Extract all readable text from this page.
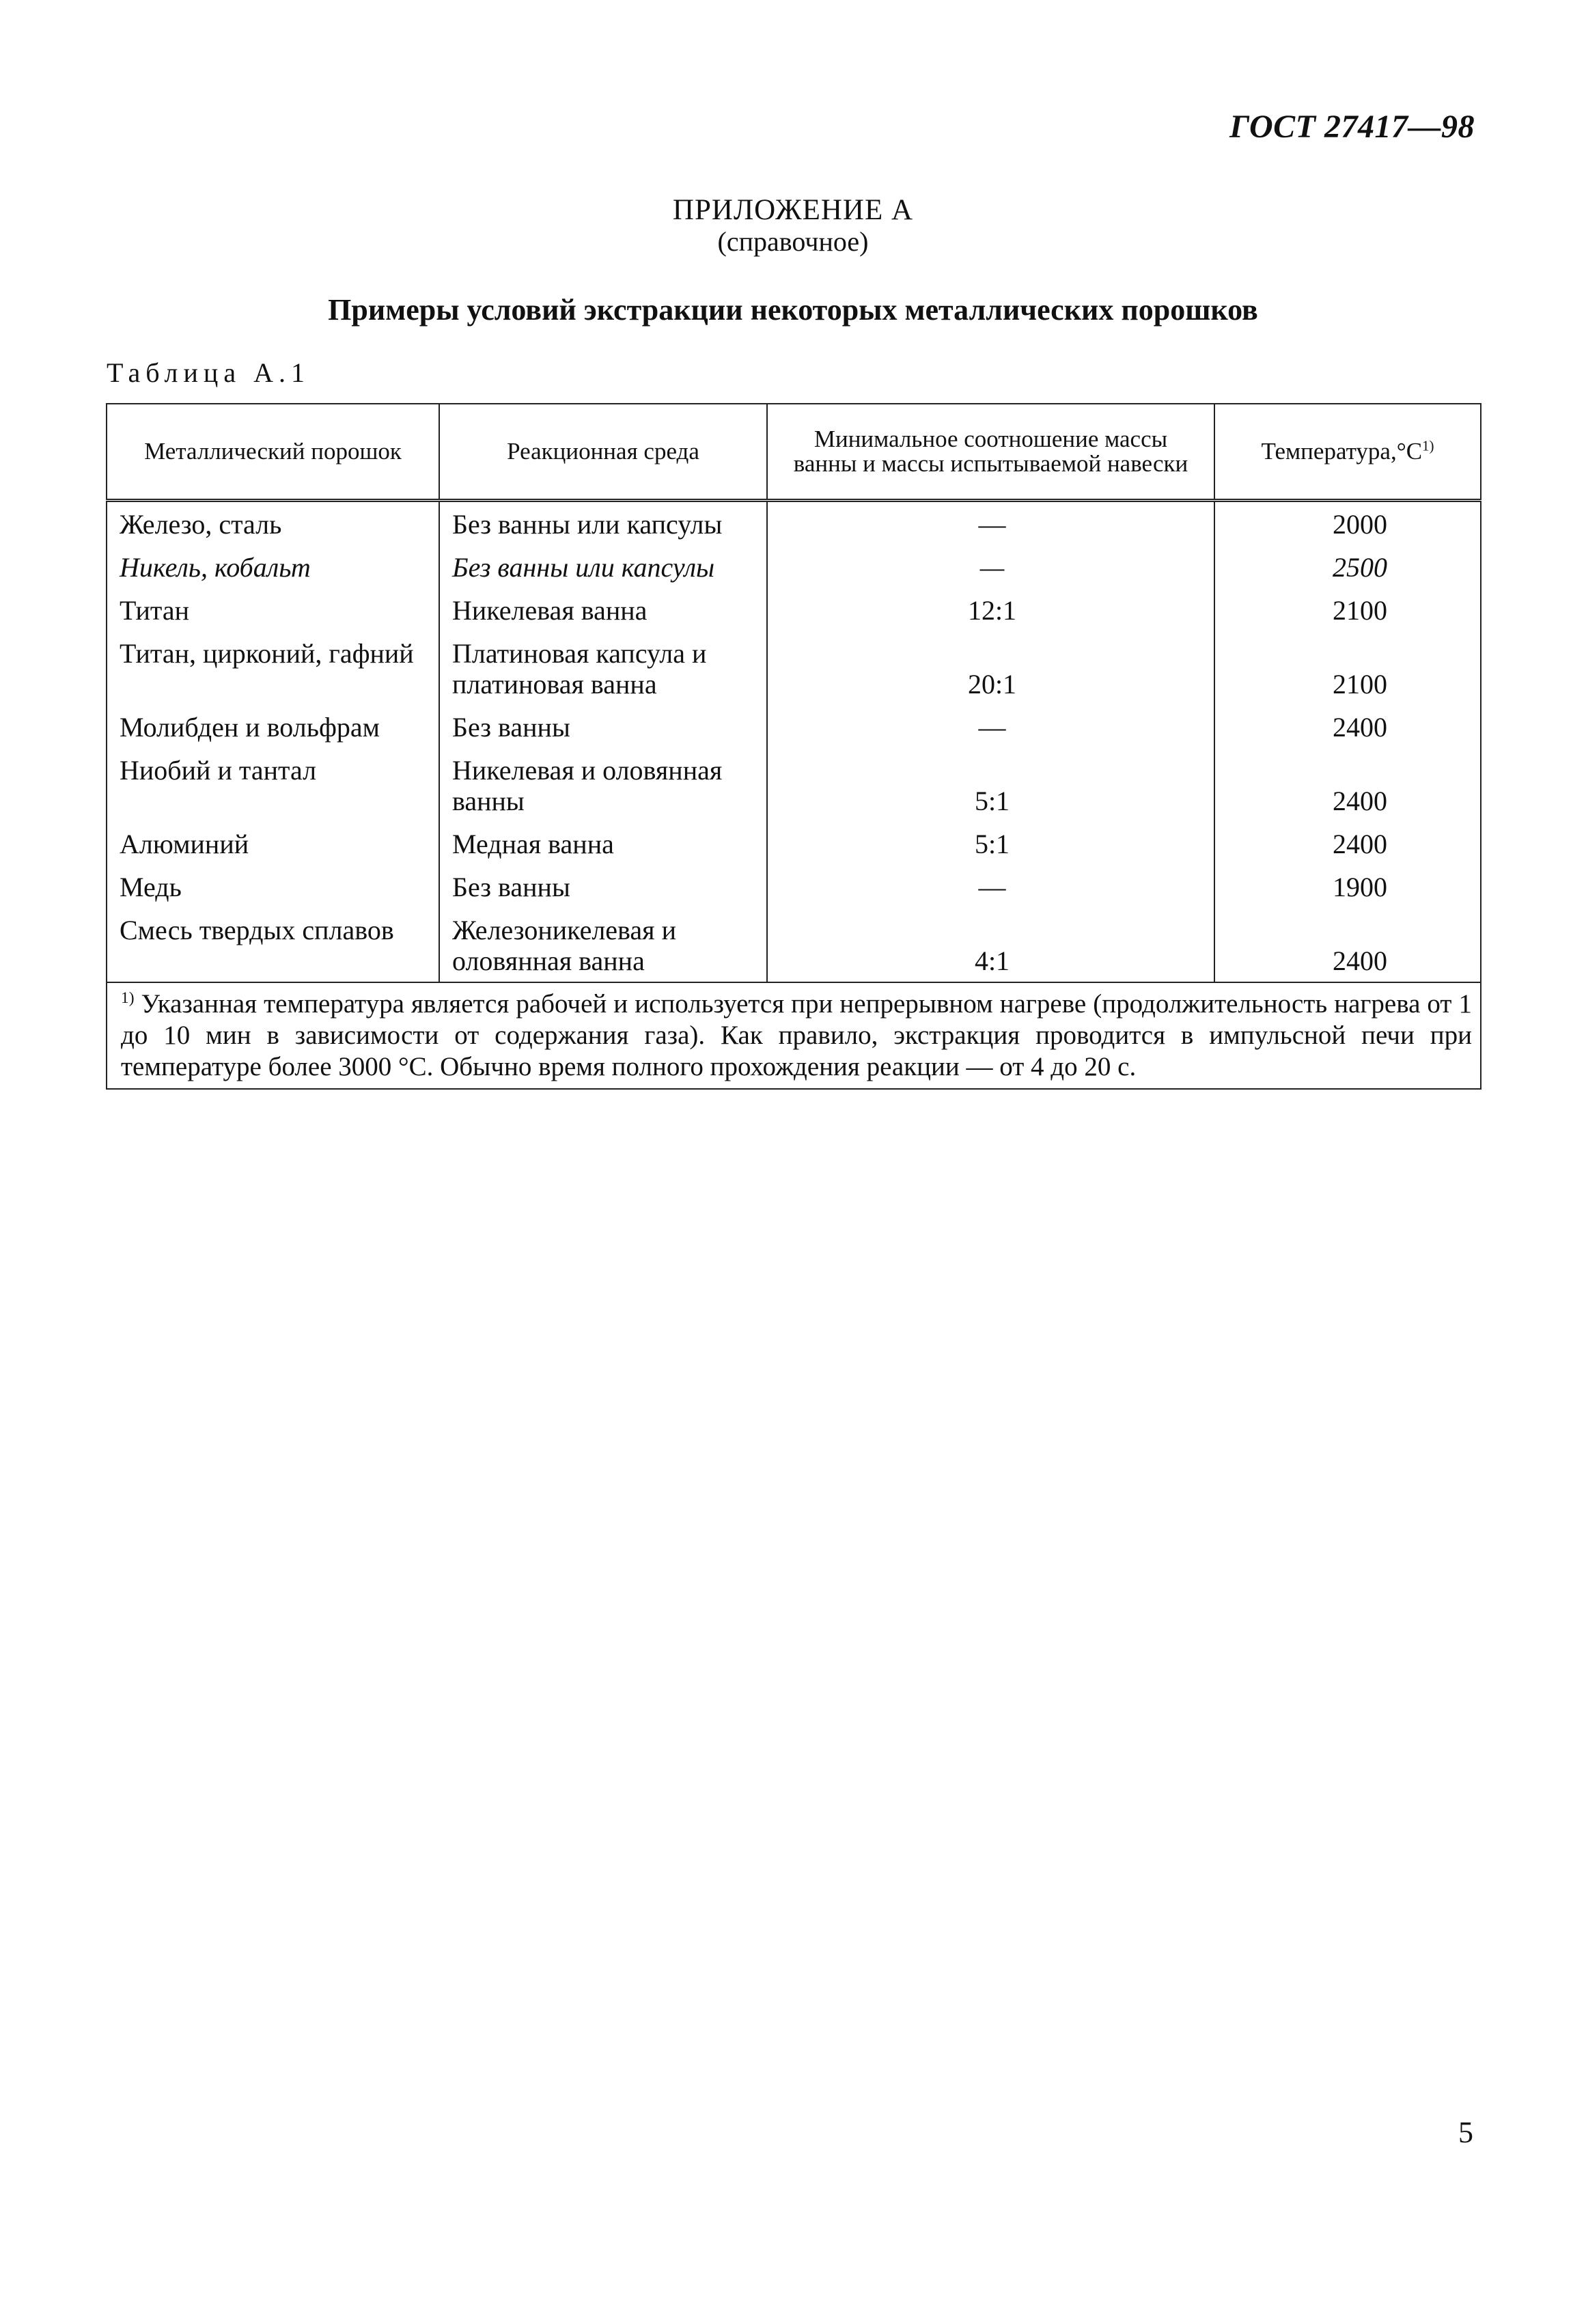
ГОСТ 27417—98
ПРИЛОЖЕНИЕ А
(справочное)
Примеры условий экстракции некоторых металлических порошков
Таблица А.1
Металлический порошок	Реакционная среда	Минимальное соотношение массы ванны и массы испытываемой навески	$Температура,^\circ С^{1)}$
Железо, сталь	Без ванны или капсулы	—	2000
Никель, кобальт	Без ванны или капсулы	—	2500
Титан	Никелевая ванна	12:1	2100
Титан, цирконий, гафний	Платиновая капсула и платиновая ванна	20:1	2100
Молибден и вольфрам	Без ванны	—	2400
Ниобий и тантал	Никелевая и оловянная ванны	5:1	2400
Алюминий	Медная ванна	5:1	2400
Медь	Без ванны	—	1900
Смесь твердых сплавов	Железоникелевая и оловянная ванна	4:1	2400
$^{1)}$ Указанная температура является рабочей и используется при непрерывном нагреве (продолжительность нагрева от 1 до 10 мин в зависимости от содержания газа). Как правило, экстракция проводится в импульсной печи при температуре более 3000 °С. Обычно время полного прохождения реакции — от 4 до 20 с.			
5
